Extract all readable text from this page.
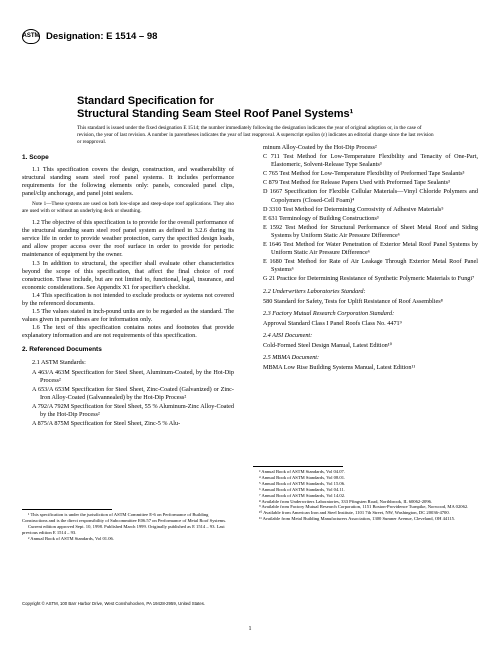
ASTM Designation: E 1514 – 98
Standard Specification for
Structural Standing Seam Steel Roof Panel Systems¹
This standard is issued under the fixed designation E 1514; the number immediately following the designation indicates the year of original adoption or, in the case of revision, the year of last revision. A number in parentheses indicates the year of last reapproval. A superscript epsilon (ε) indicates an editorial change since the last revision or reapproval.
1. Scope

1.1 This specification covers the design, construction, and weatherability of structural standing seam steel roof panel systems. It includes performance requirements for the following elements only: panels, concealed panel clips, panel/clip anchorage, and panel joint sealers.

Note 1—These systems are used on both low-slope and steep-slope roof applications. They also are used with or without an underlying deck or sheathing.

1.2 The objective of this specification is to provide for the overall performance of the structural standing seam steel roof panel system as defined in 3.2.6 during its service life in order to provide weather protection, carry the specified design loads, and allow proper access over the roof surface in order to provide for periodic maintenance of equipment by the owner.

1.3 In addition to structural, the specifier shall evaluate other characteristics beyond the scope of this specification, that affect the final choice of roof construction. These include, but are not limited to, functional, legal, insurance, and economic considerations. See Appendix X1 for specifier's checklist.

1.4 This specification is not intended to exclude products or systems not covered by the referenced documents.

1.5 The values stated in inch-pound units are to be regarded as the standard. The values given in parentheses are for information only.

1.6 The text of this specification contains notes and footnotes that provide explanatory information and are not requirements of this specification.

2. Referenced Documents

2.1 ASTM Standards:

A 463/A 463M Specification for Steel Sheet, Aluminum-Coated, by the Hot-Dip Process²

A 653/A 653M Specification for Steel Sheet, Zinc-Coated (Galvanized) or Zinc-Iron Alloy-Coated (Galvannealed) by the Hot-Dip Process²

A 792/A 792M Specification for Steel Sheet, 55 % Aluminum-Zinc Alloy-Coated by the Hot-Dip Process²

A 875/A 875M Specification for Steel Sheet, Zinc-5 % Alu-

¹ This specification is under the jurisdiction of ASTM Committee E-6 on Performance of Building Constructions and is the direct responsibility of Subcommittee E06.57 on Performance of Metal Roof Systems.

Current edition approved Sept. 10, 1998. Published March 1999. Originally published as E 1514 – 93. Last previous edition E 1514 – 93.

² Annual Book of ASTM Standards, Vol 01.06.

minum Alloy-Coated by the Hot-Dip Process²

C 711 Test Method for Low-Temperature Flexibility and Tenacity of One-Part, Elastomeric, Solvent-Release Type Sealants³

C 765 Test Method for Low-Temperature Flexibility of Preformed Tape Sealants³

C 879 Test Method for Release Papers Used with Preformed Tape Sealants³

D 1667 Specification for Flexible Cellular Materials—Vinyl Chloride Polymers and Copolymers (Closed-Cell Foam)⁴

D 3310 Test Method for Determining Corrosivity of Adhesive Materials⁵

E 631 Terminology of Building Constructions³

E 1592 Test Method for Structural Performance of Sheet Metal Roof and Siding Systems by Uniform Static Air Pressure Difference⁶

E 1646 Test Method for Water Penetration of Exterior Metal Roof Panel Systems by Uniform Static Air Pressure Difference⁶

E 1680 Test Method for Rate of Air Leakage Through Exterior Metal Roof Panel Systems⁶

G 21 Practice for Determining Resistance of Synthetic Polymeric Materials to Fungi⁷

2.2 Underwriters Laboratories Standard:

580 Standard for Safety, Tests for Uplift Resistance of Roof Assemblies⁸

2.3 Factory Mutual Research Corporation Standard:

Approval Standard Class I Panel Roofs Class No. 4471⁹

2.4 AISI Document:

Cold-Formed Steel Design Manual, Latest Edition¹⁰

2.5 MBMA Document:

MBMA Low Rise Building Systems Manual, Latest Edition¹¹

³ Annual Book of ASTM Standards, Vol 04.07.

⁴ Annual Book of ASTM Standards, Vol 08.01.

⁵ Annual Book of ASTM Standards, Vol 15.06.

⁶ Annual Book of ASTM Standards, Vol 04.11.

⁷ Annual Book of ASTM Standards, Vol 14.02.

⁸ Available from Underwriters Laboratories, 333 Pfingsten Road, Northbrook, IL 60062-2096.

⁹ Available from Factory Mutual Research Corporation, 1151 Boston-Providence Turnpike, Norwood, MA 02062.

¹⁰ Available from American Iron and Steel Institute, 1101 7th Street, NW, Washington, DC 20036-4700.

¹¹ Available from Metal Building Manufacturers Association, 1300 Sumner Avenue, Cleveland, OH 44115.

Copyright © ASTM, 100 Barr Harbor Drive, West Conshohocken, PA 19428-2959, United States.
1
